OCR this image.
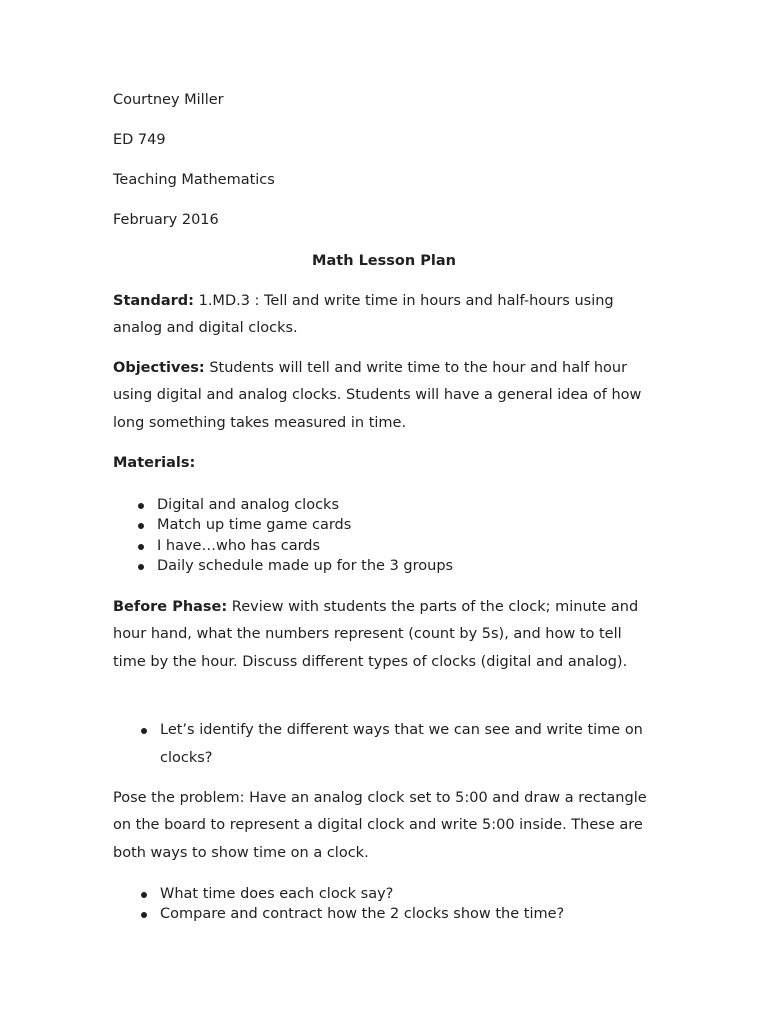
Courtney Miller
ED 749
Teaching Mathematics
February 2016
Math Lesson Plan
Standard: 1.MD.3 : Tell and write time in hours and half-hours using analog and digital clocks.
Objectives: Students will tell and write time to the hour and half hour using digital and analog clocks. Students will have a general idea of how long something takes measured in time.
Materials:
Digital and analog clocks
Match up time game cards
I have…who has cards
Daily schedule made up for the 3 groups
Before Phase: Review with students the parts of the clock; minute and hour hand, what the numbers represent (count by 5s), and how to tell time by the hour. Discuss different types of clocks (digital and analog).
Let’s identify the different ways that we can see and write time on clocks?
Pose the problem: Have an analog clock set to 5:00 and draw a rectangle on the board to represent a digital clock and write 5:00 inside. These are both ways to show time on a clock.
What time does each clock say?
Compare and contract how the 2 clocks show the time?
